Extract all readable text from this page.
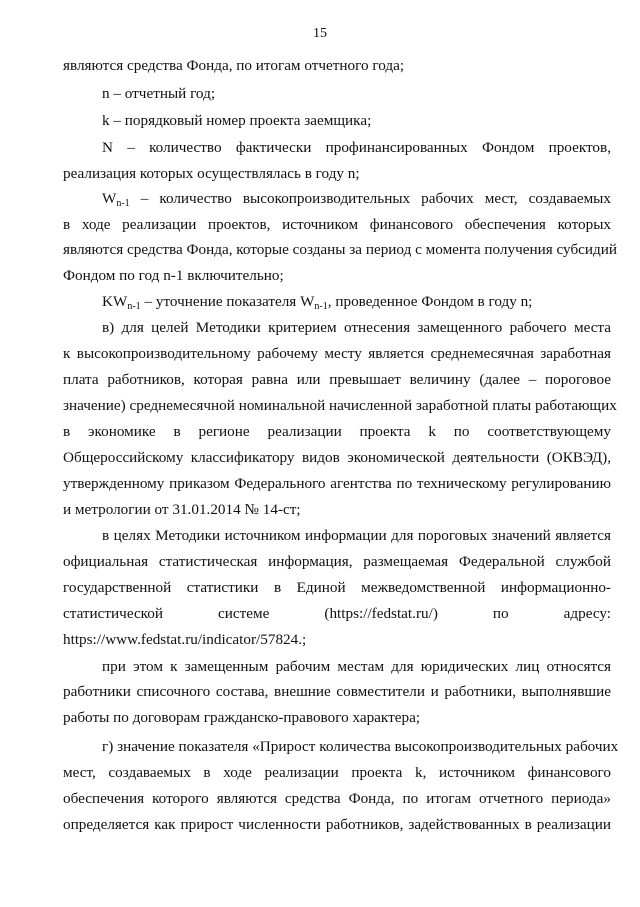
15
являются средства Фонда, по итогам отчетного года;
n – отчетный год;
k – порядковый номер проекта заемщика;
N – количество фактически профинансированных Фондом проектов,
реализация которых осуществлялась в году n;
$W_{n-1}$ – количество высокопроизводительных рабочих мест, создаваемых
в ходе реализации проектов, источником финансового обеспечения которых
являются средства Фонда, которые созданы за период с момента получения субсидий
Фондом по год n-1 включительно;
$KW_{n-1}$ – уточнение показателя $W_{n-1}$, проведенное Фондом в году n;
в) для целей Методики критерием отнесения замещенного рабочего места
к высокопроизводительному рабочему месту является среднемесячная заработная
плата работников, которая равна или превышает величину (далее – пороговое
значение) среднемесячной номинальной начисленной заработной платы работающих
в экономике в регионе реализации проекта k по соответствующему
Общероссийскому классификатору видов экономической деятельности (ОКВЭД),
утвержденному приказом Федерального агентства по техническому регулированию
и метрологии от 31.01.2014 № 14-ст;
в целях Методики источником информации для пороговых значений является
официальная статистическая информация, размещаемая Федеральной службой
государственной статистики в Единой межведомственной информационно-
статистической системе (https://fedstat.ru/) по адресу:
https://www.fedstat.ru/indicator/57824.;
при этом к замещенным рабочим местам для юридических лиц относятся
работники списочного состава, внешние совместители и работники, выполнявшие
работы по договорам гражданско-правового характера;
г) значение показателя «Прирост количества высокопроизводительных рабочих
мест, создаваемых в ходе реализации проекта k, источником финансового
обеспечения которого являются средства Фонда, по итогам отчетного периода»
определяется как прирост численности работников, задействованных в реализации
